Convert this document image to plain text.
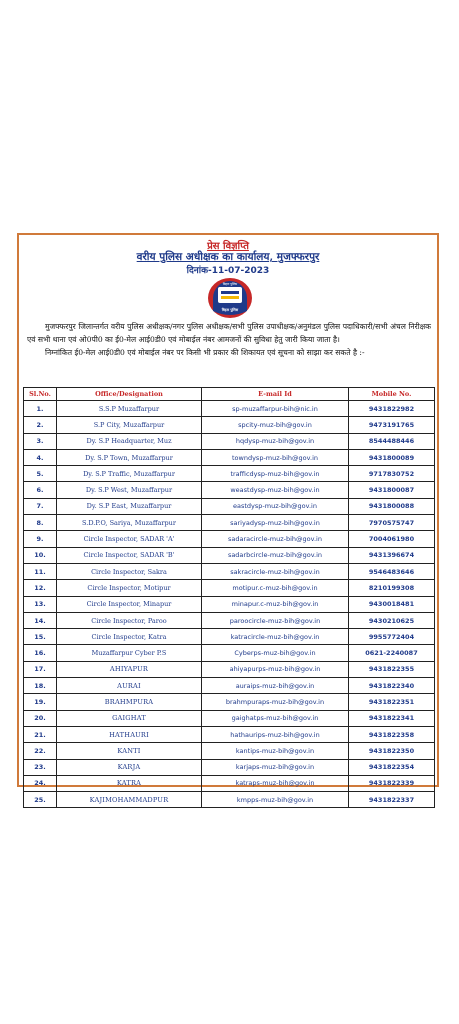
प्रेस विज्ञप्ति
वरीय पुलिस अधीक्षक का कार्यालय, मुजफ्फरपुर
दिनांक-11-07-2023
बिहार पुलिस
बिहार पुलिस

मुजफ्फरपुर जिलान्तर्गत वरीय पुलिस अधीक्षक/नगर पुलिस अधीक्षक/सभी पुलिस उपाधीक्षक/अनुमंडल पुलिस पदाधिकारी/सभी अंचल निरीक्षक एवं सभी थाना एवं ओ0पी0 का ई0-मेल आई0डी0 एवं मोबाईल नंबर आमजनों की सुविधा हेतु जारी किया जाता है।

निम्नांकित ई0-मेल आई0डी0 एवं मोबाईल नंबर पर किसी भी प्रकार की शिकायत एवं सूचना को साझा कर सकते है :-

Sl.No.	Office/Designation	E-mail Id	Mobile No.
1.	S.S.P Muzaffarpur	sp-muzaffarpur-bih@nic.in	9431822982
2.	S.P City, Muzaffarpur	spcity-muz-bih@gov.in	9473191765
3.	Dy. S.P Headquarter, Muz	hqdysp-muz-bih@gov.in	8544488446
4.	Dy. S.P Town, Muzaffarpur	towndysp-muz-bih@gov.in	9431800089
5.	Dy. S.P Traffic, Muzaffarpur	trafficdysp-muz-bih@gov.in	9717830752
6.	Dy. S.P West, Muzaffarpur	weastdysp-muz-bih@gov.in	9431800087
7.	Dy. S.P East, Muzaffarpur	eastdysp-muz-bih@gov.in	9431800088
8.	S.D.P.O, Sariya, Muzaffarpur	sariyadysp-muz-bih@gov.in	7970575747
9.	Circle Inspector, SADAR 'A'	sadaracircle-muz-bih@gov.in	7004061980
10.	Circle Inspector, SADAR 'B'	sadarbcircle-muz-bih@gov.in	9431396674
11.	Circle Inspector, Sakra	sakracircle-muz-bih@gov.in	9546483646
12.	Circle Inspector, Motipur	motipur.c-muz-bih@gov.in	8210199308
13.	Circle Inspector, Minapur	minapur.c-muz-bih@gov.in	9430018481
14.	Circle Inspector, Paroo	paroocircle-muz-bih@gov.in	9430210625
15.	Circle Inspector, Katra	katracircle-muz-bih@gov.in	9955772404
16.	Muzaffarpur Cyber P.S	Cyberps-muz-bih@gov.in	0621-2240087
17.	AHIYAPUR	ahiyapurps-muz-bih@gov.in	9431822355
18.	AURAI	auraips-muz-bih@gov.in	9431822340
19.	BRAHMPURA	brahmpuraps-muz-bih@gov.in	9431822351
20.	GAIGHAT	gaighatps-muz-bih@gov.in	9431822341
21.	HATHAURI	hathaurips-muz-bih@gov.in	9431822358
22.	KANTI	kantips-muz-bih@gov.in	9431822350
23.	KARJA	karjaps-muz-bih@gov.in	9431822354
24.	KATRA	katraps-muz-bih@gov.in	9431822339
25.	KAJIMOHAMMADPUR	kmpps-muz-bih@gov.in	9431822337
